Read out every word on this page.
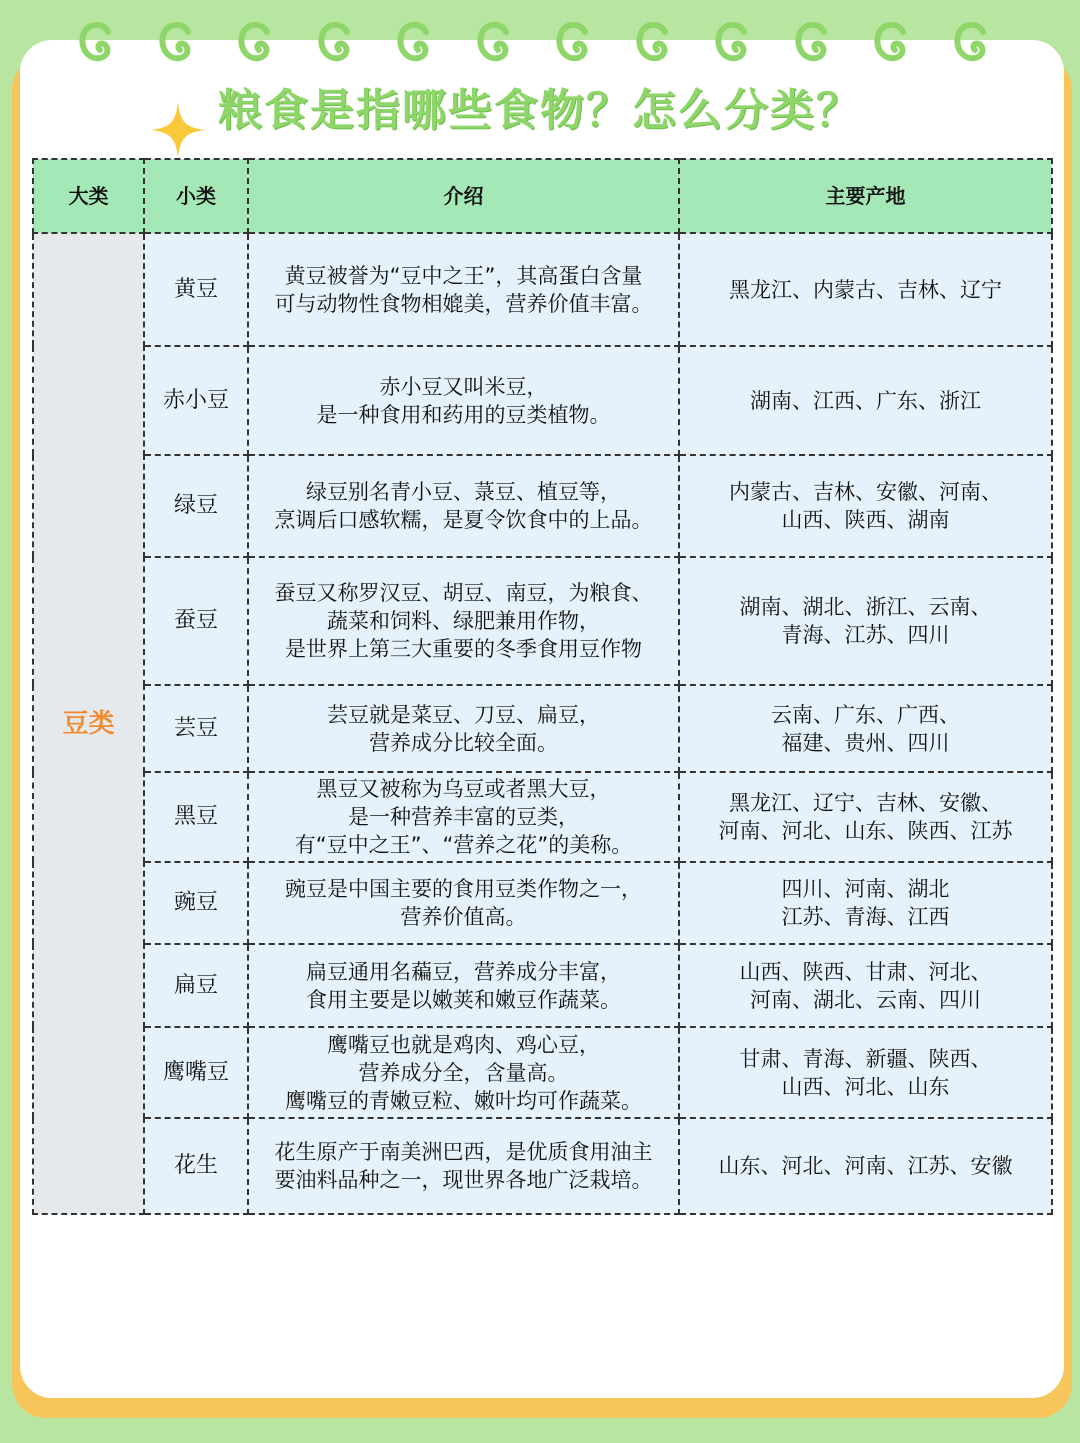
粮食是指哪些食物？怎么分类？
大类	小类	介绍	主要产地
豆类	黄豆	黄豆被誉为“豆中之王”，其高蛋白含量
可与动物性食物相媲美，营养价值丰富。	黑龙江、内蒙古、吉林、辽宁

	赤小豆	赤小豆又叫米豆，
是一种食用和药用的豆类植物。	湖南、江西、广东、浙江

	绿豆	绿豆别名青小豆、菉豆、植豆等，
烹调后口感软糯，是夏令饮食中的上品。	内蒙古、吉林、安徽、河南、
山西、陕西、湖南

	蚕豆	蚕豆又称罗汉豆、胡豆、南豆，为粮食、
蔬菜和饲料、绿肥兼用作物，
是世界上第三大重要的冬季食用豆作物	湖南、湖北、浙江、云南、
青海、江苏、四川

	芸豆	芸豆就是菜豆、刀豆、扁豆，
营养成分比较全面。	云南、广东、广西、
福建、贵州、四川

	黑豆	黑豆又被称为乌豆或者黑大豆，
是一种营养丰富的豆类，
有“豆中之王”、“营养之花”的美称。	黑龙江、辽宁、吉林、安徽、
河南、河北、山东、陕西、江苏

	豌豆	豌豆是中国主要的食用豆类作物之一，
营养价值高。	四川、河南、湖北
江苏、青海、江西

	扁豆	扁豆通用名藊豆，营养成分丰富，
食用主要是以嫩荚和嫩豆作蔬菜。	山西、陕西、甘肃、河北、
河南、湖北、云南、四川

	鹰嘴豆	鹰嘴豆也就是鸡肉、鸡心豆，
营养成分全，含量高。
鹰嘴豆的青嫩豆粒、嫩叶均可作蔬菜。	甘肃、青海、新疆、陕西、
山西、河北、山东

	花生	花生原产于南美洲巴西，是优质食用油主
要油料品种之一，现世界各地广泛栽培。	山东、河北、河南、江苏、安徽
